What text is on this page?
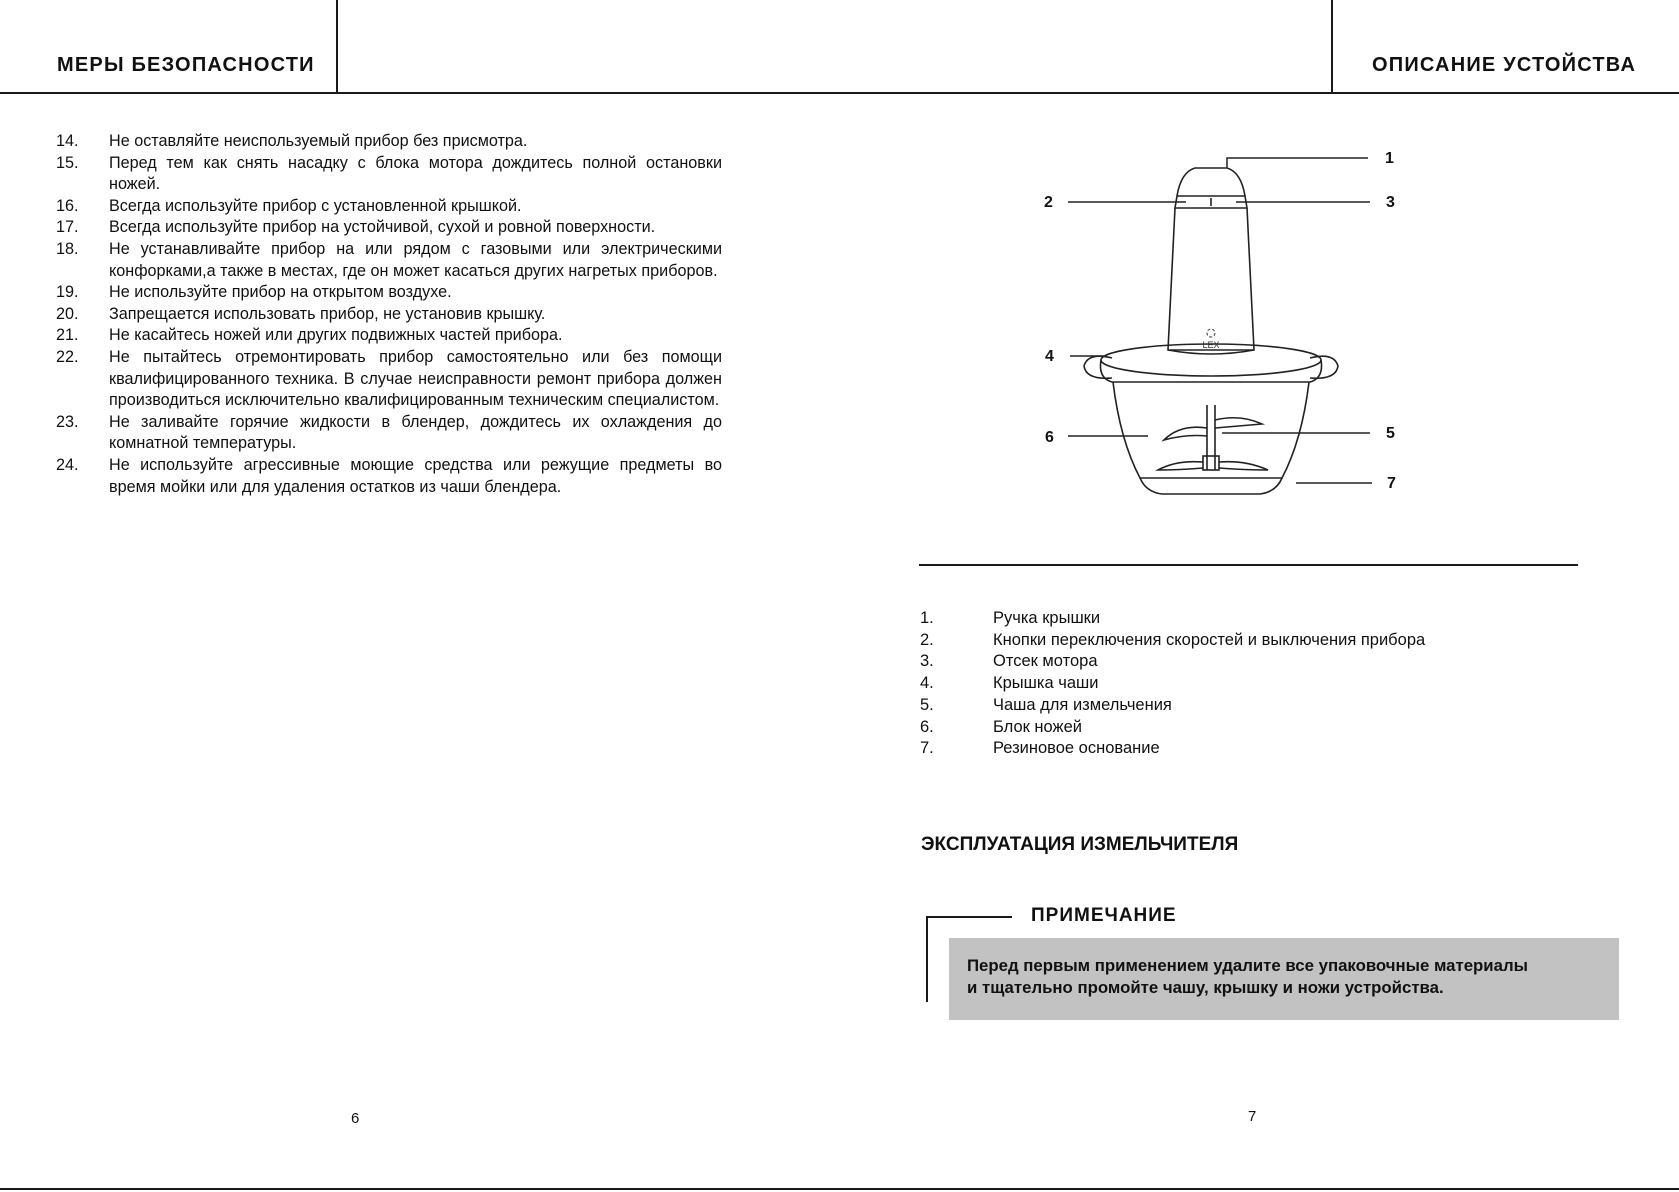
МЕРЫ БЕЗОПАСНОСТИ	ОПИСАНИЕ УСТОЙСТВА
14. Не оставляйте неиспользуемый прибор без присмотра.
15. Перед тем как снять насадку с блока мотора дождитесь полной остановки ножей.
16. Всегда используйте прибор с установленной крышкой.
17. Всегда используйте прибор на устойчивой, сухой и ровной поверхности.
18. Не устанавливайте прибор на или рядом с газовыми или электрическими конфорками,а также в местах, где он может касаться других нагретых приборов.
19. Не используйте прибор на открытом воздухе.
20. Запрещается использовать прибор, не установив крышку.
21. Не касайтесь ножей или других подвижных частей прибора.
22. Не пытайтесь отремонтировать прибор самостоятельно или без помощи квалифицированного техника. В случае неисправности ремонт прибора должен производиться исключительно квалифицированным техническим специалистом.
23. Не заливайте горячие жидкости в блендер, дождитесь их охлаждения до комнатной температуры.
24. Не используйте агрессивные моющие средства или режущие предметы во время мойки или для удаления остатков из чаши блендера.
LEX
1
2	3
4
5
6
7
1.	Ручка крышки
2.	Кнопки переключения скоростей и выключения прибора
3.	Отсек мотора
4.	Крышка чаши
5.	Чаша для измельчения
6.	Блок ножей
7.	Резиновое основание
ЭКСПЛУАТАЦИЯ ИЗМЕЛЬЧИТЕЛЯ
ПРИМЕЧАНИЕ
Перед первым применением удалите все упаковочные материалы
и тщательно промойте чашу, крышку и ножи устройства.
6	7
